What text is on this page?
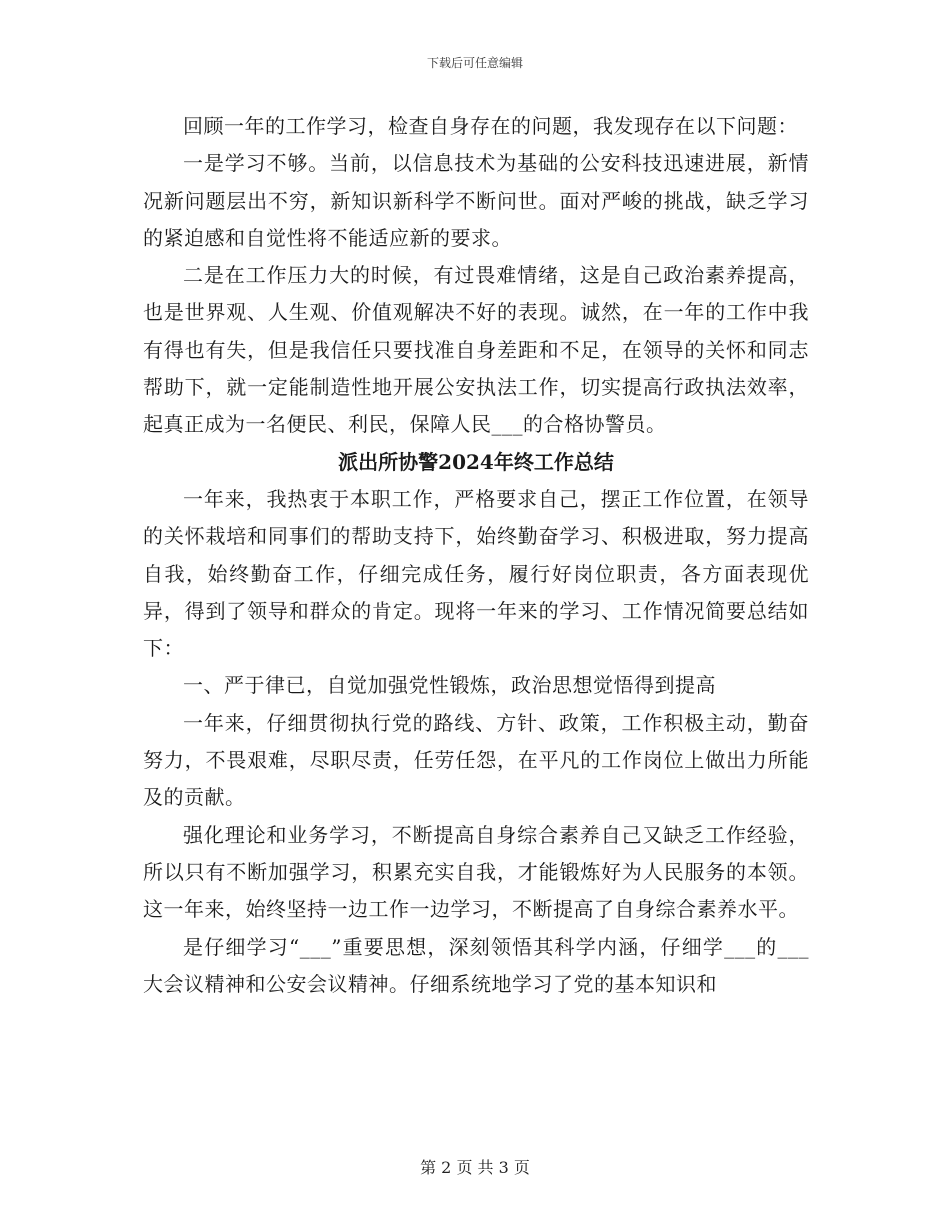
下载后可任意编辑

回顾一年的工作学习，检查自身存在的问题，我发现存在以下问题：

一是学习不够。当前，以信息技术为基础的公安科技迅速进展，新情况新问题层出不穷，新知识新科学不断问世。面对严峻的挑战，缺乏学习的紧迫感和自觉性将不能适应新的要求。

二是在工作压力大的时候，有过畏难情绪，这是自己政治素养提高，也是世界观、人生观、价值观解决不好的表现。诚然，在一年的工作中我有得也有失，但是我信任只要找准自身差距和不足，在领导的关怀和同志帮助下，就一定能制造性地开展公安执法工作，切实提高行政执法效率，起真正成为一名便民、利民，保障人民___的合格协警员。

派出所协警2024年终工作总结

一年来，我热衷于本职工作，严格要求自己，摆正工作位置，在领导的关怀栽培和同事们的帮助支持下，始终勤奋学习、积极进取，努力提高自我，始终勤奋工作，仔细完成任务，履行好岗位职责，各方面表现优异，得到了领导和群众的肯定。现将一年来的学习、工作情况简要总结如下：

一、严于律已，自觉加强党性锻炼，政治思想觉悟得到提高

一年来，仔细贯彻执行党的路线、方针、政策，工作积极主动，勤奋努力，不畏艰难，尽职尽责，任劳任怨，在平凡的工作岗位上做出力所能及的贡献。

强化理论和业务学习，不断提高自身综合素养自己又缺乏工作经验，所以只有不断加强学习，积累充实自我，才能锻炼好为人民服务的本领。这一年来，始终坚持一边工作一边学习，不断提高了自身综合素养水平。

是仔细学习“___”重要思想，深刻领悟其科学内涵，仔细学___的___大会议精神和公安会议精神。仔细系统地学习了党的基本知识和

第 2 页 共 3 页
